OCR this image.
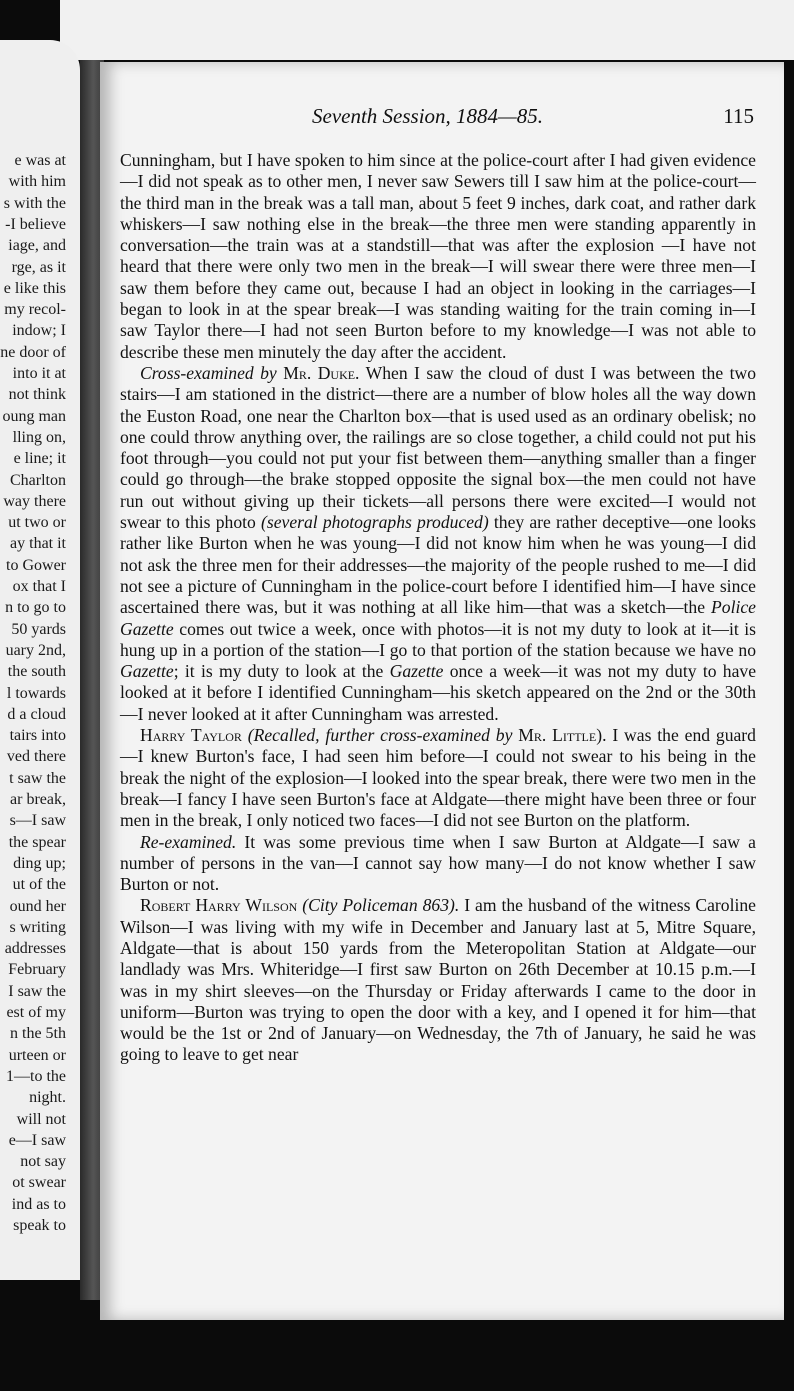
e was at
with him
s with the
-I believe
iage, and
rge, as it
e like this
my recol-
indow; I
ne door of
into it at
not think
oung man
lling on,
e line; it
Charlton
way there
ut two or
ay that it
to Gower
ox that I
n to go to
50 yards
uary 2nd,
the south
l towards
d a cloud
tairs into
ved there
t saw the
ar break,
s—I saw
the spear
ding up;
ut of the
ound her
s writing
addresses
February
I saw the
est of my
n the 5th
urteen or
1—to the
night.
will not
e—I saw
not say
ot swear
ind as to
speak to
Seventh Session, 1884—85.	115

Cunningham, but I have spoken to him since at the police-court after I had given evidence—I did not speak as to other men, I never saw Sewers till I saw him at the police-court—the third man in the break was a tall man, about 5 feet 9 inches, dark coat, and rather dark whiskers—I saw nothing else in the break—the three men were standing apparently in conversation—the train was at a standstill—that was after the explosion —I have not heard that there were only two men in the break—I will swear there were three men—I saw them before they came out, because I had an object in looking in the carriages—I began to look in at the spear break—I was standing waiting for the train coming in—I saw Taylor there—I had not seen Burton before to my knowledge—I was not able to describe these men minutely the day after the accident.

Cross-examined by Mr. Duke. When I saw the cloud of dust I was between the two stairs—I am stationed in the district—there are a number of blow holes all the way down the Euston Road, one near the Charlton box—that is used used as an ordinary obelisk; no one could throw anything over, the railings are so close together, a child could not put his foot through—you could not put your fist between them—anything smaller than a finger could go through—the brake stopped opposite the signal box—the men could not have run out without giving up their tickets—all persons there were excited—I would not swear to this photo (several photographs produced) they are rather deceptive—one looks rather like Burton when he was young—I did not know him when he was young—I did not ask the three men for their addresses—the majority of the people rushed to me—I did not see a picture of Cunningham in the police-court before I identified him—I have since ascertained there was, but it was nothing at all like him—that was a sketch—the Police Gazette comes out twice a week, once with photos—it is not my duty to look at it—it is hung up in a portion of the station—I go to that portion of the station because we have no Gazette; it is my duty to look at the Gazette once a week—it was not my duty to have looked at it before I identified Cunningham—his sketch appeared on the 2nd or the 30th—I never looked at it after Cunningham was arrested.

Harry Taylor (Recalled, further cross-examined by Mr. Little). I was the end guard—I knew Burton's face, I had seen him before—I could not swear to his being in the break the night of the explosion—I looked into the spear break, there were two men in the break—I fancy I have seen Burton's face at Aldgate—there might have been three or four men in the break, I only noticed two faces—I did not see Burton on the platform.

Re-examined. It was some previous time when I saw Burton at Aldgate—I saw a number of persons in the van—I cannot say how many—I do not know whether I saw Burton or not.

Robert Harry Wilson (City Policeman 863). I am the husband of the witness Caroline Wilson—I was living with my wife in December and January last at 5, Mitre Square, Aldgate—that is about 150 yards from the Meteropolitan Station at Aldgate—our landlady was Mrs. Whiteridge—I first saw Burton on 26th December at 10.15 p.m.—I was in my shirt sleeves—on the Thursday or Friday afterwards I came to the door in uniform—Burton was trying to open the door with a key, and I opened it for him—that would be the 1st or 2nd of January—on Wednesday, the 7th of January, he said he was going to leave to get near
